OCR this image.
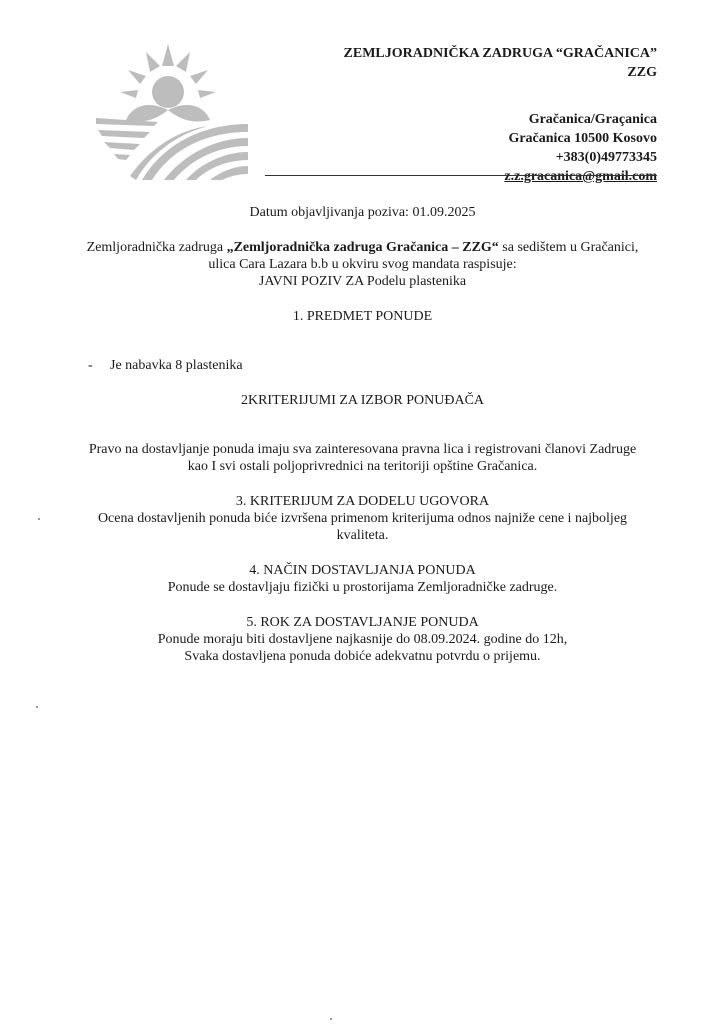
ZEMLJORADNIČKA ZADRUGA “GRAČANICA”
ZZG
Gračanica/Graçanica
Gračanica 10500 Kosovo
+383(0)49773345
z.z.gracanica@gmail.com

Datum objavljivanja poziva: 01.09.2025

Zemljoradnička zadruga „Zemljoradnička zadruga Gračanica – ZZG“ sa sedištem u Gračanici,

ulica Cara Lazara b.b u okviru svog mandata raspisuje:

JAVNI POZIV ZA Podelu plastenika

1. PREDMET PONUDE

- Je nabavka 8 plastenika

2KRITERIJUMI ZA IZBOR PONUĐAČA

Pravo na dostavljanje ponuda imaju sva zainteresovana pravna lica i registrovani članovi Zadruge

kao I svi ostali poljoprivrednici na teritoriji opštine Gračanica.

3. KRITERIJUM ZA DODELU UGOVORA

Ocena dostavljenih ponuda biće izvršena primenom kriterijuma odnos najniže cene i najboljeg

kvaliteta.

4. NAČIN DOSTAVLJANJA PONUDA

Ponude se dostavljaju fizički u prostorijama Zemljoradničke zadruge.

5. ROK ZA DOSTAVLJANJE PONUDA

Ponude moraju biti dostavljene najkasnije do 08.09.2024. godine do 12h,

Svaka dostavljena ponuda dobiće adekvatnu potvrdu o prijemu.
